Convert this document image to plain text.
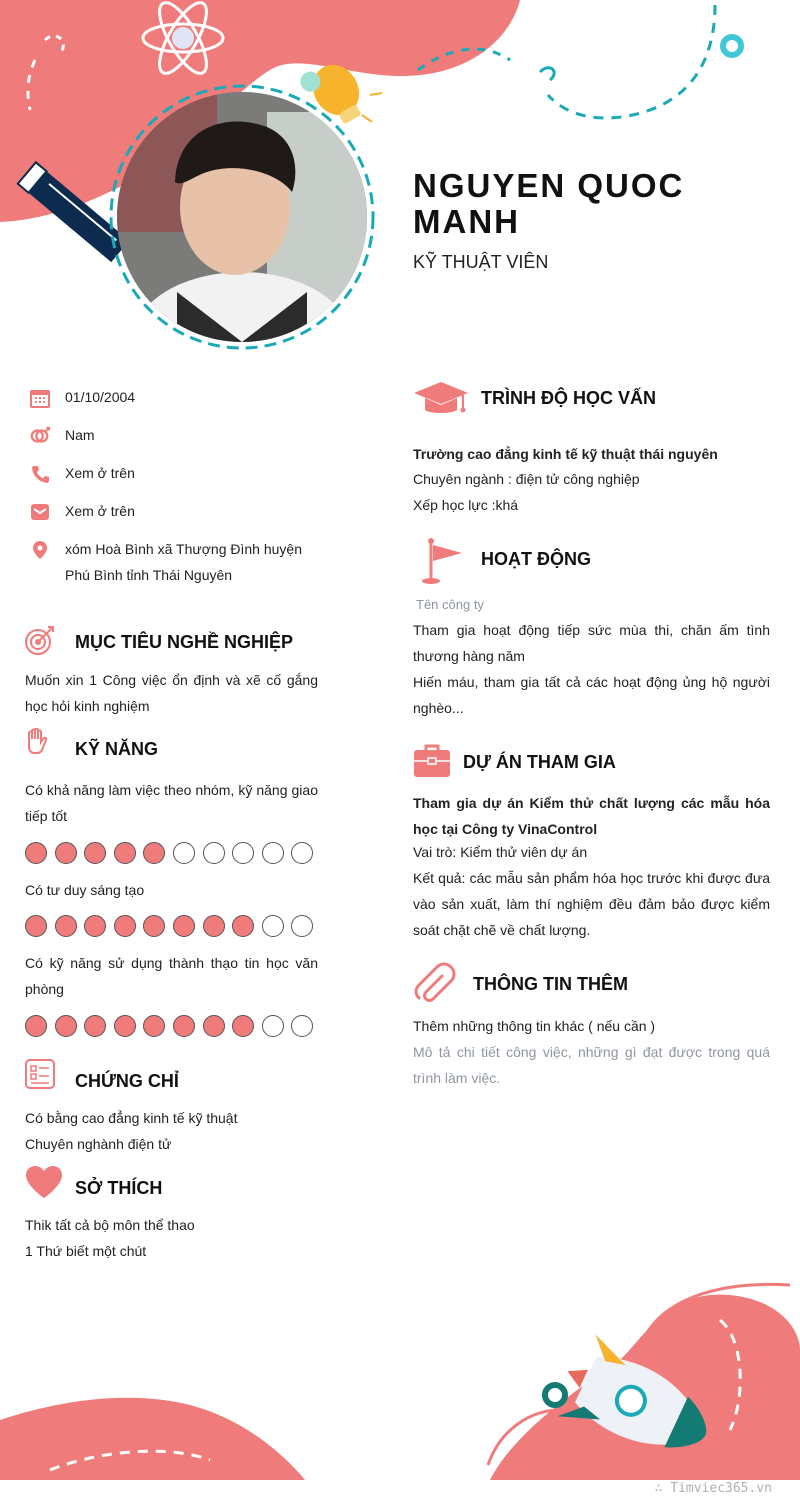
NGUYEN QUOC MANH
KỸ THUẬT VIÊN
01/10/2004
Nam
Xem ở trên
Xem ở trên
xóm Hoà Bình xã Thượng Đình huyện Phú Bình tỉnh Thái Nguyên
MỤC TIÊU NGHỀ NGHIỆP
Muốn xin 1 Công việc ổn định và xẽ cố gắng học hỏi kinh nghiệm
KỸ NĂNG
Có khả năng làm việc theo nhóm, kỹ năng giao tiếp tốt
Có tư duy sáng tạo
Có kỹ năng sử dụng thành thạo tin học văn phòng
CHỨNG CHỈ
Có bằng cao đẳng kinh tế kỹ thuật
Chuyên nghành điện tử
SỞ THÍCH
Thik tất cả bộ môn thể thao
1 Thứ biết một chút
TRÌNH ĐỘ HỌC VẤN
Trường cao đẳng kinh tế kỹ thuật thái nguyên
Chuyên ngành : điện tử công nghiệp
Xếp học lực :khá
HOẠT ĐỘNG
Tên công ty
Tham gia hoạt động tiếp sức mùa thi, chăn ấm tình thương hàng năm
Hiến máu, tham gia tất cả các hoạt động ủng hộ người nghèo...
DỰ ÁN THAM GIA
Tham gia dự án Kiểm thử chất lượng các mẫu hóa học tại Công ty VinaControl
Vai trò: Kiểm thử viên dự án
Kết quả: các mẫu sản phẩm hóa học trước khi được đưa vào sản xuất, làm thí nghiệm đều đảm bảo được kiểm soát chặt chẽ về chất lượng.
THÔNG TIN THÊM
Thêm những thông tin khác ( nếu cần )
Mô tả chi tiết công việc, những gì đạt được trong quá trình làm việc.
∴ Timviec365.vn
